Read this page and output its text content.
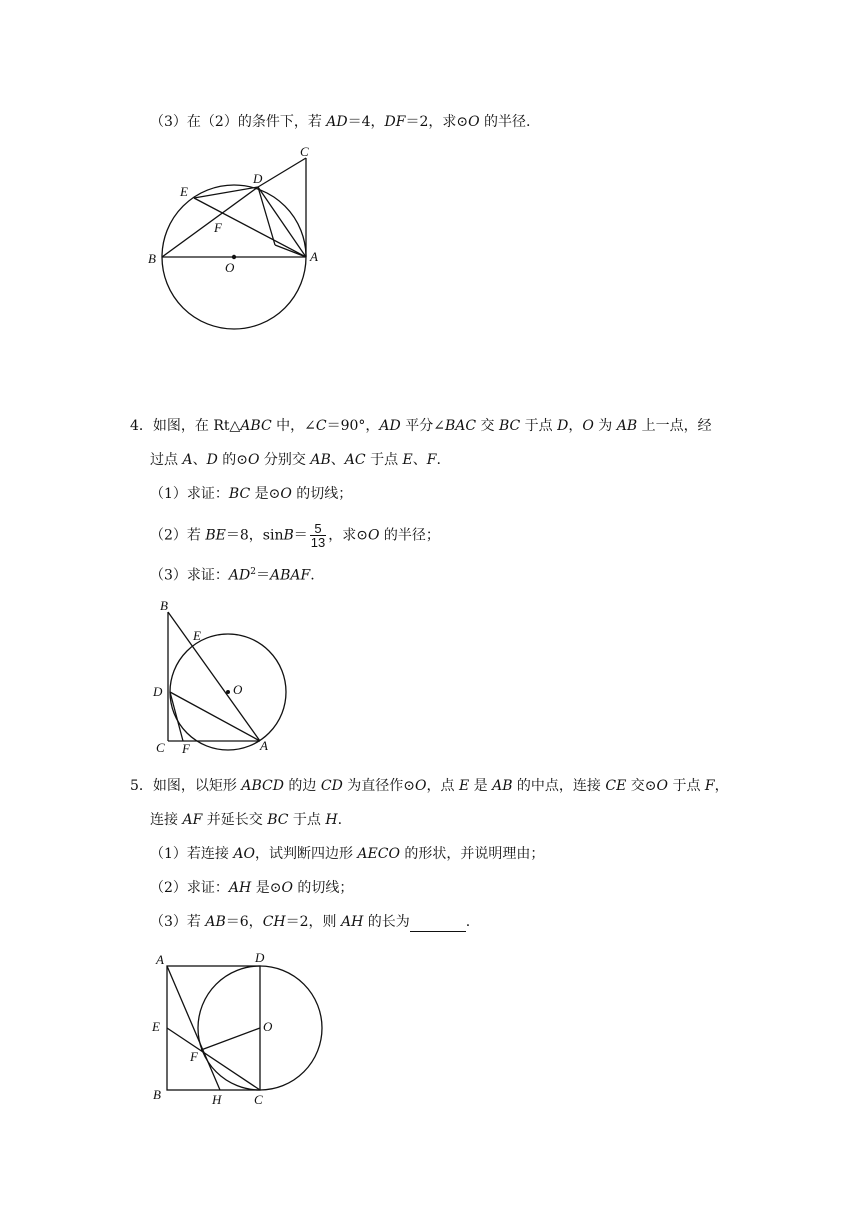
（3）在（2）的条件下，若 AD＝4，DF＝2，求⊙O 的半径.
C
D
E
F
B
O
A
4．如图，在 Rt△ABC 中，∠C＝90°，AD 平分∠BAC 交 BC 于点 D，O 为 AB 上一点，经
过点 A、D 的⊙O 分别交 AB、AC 于点 E、F.
（1）求证：BC 是⊙O 的切线；
（2）若 BE＝8，$\sin B= \frac{5}{13}$ ，求⊙O 的半径；
（3）求证：$AD^2=ABAF$.
B
E
D	O
C F	A
5．如图，以矩形 ABCD 的边 CD 为直径作⊙O，点 E 是 AB 的中点，连接 CE 交⊙O 于点 F，
连接 AF 并延长交 BC 于点 H.
（1）若连接 AO，试判断四边形 AECO 的形状，并说明理由；
（2）求证：AH 是⊙O 的切线；
（3）若 AB＝6，CH＝2，则 AH 的长为	.
A	D
E	O
F
B	H	C
